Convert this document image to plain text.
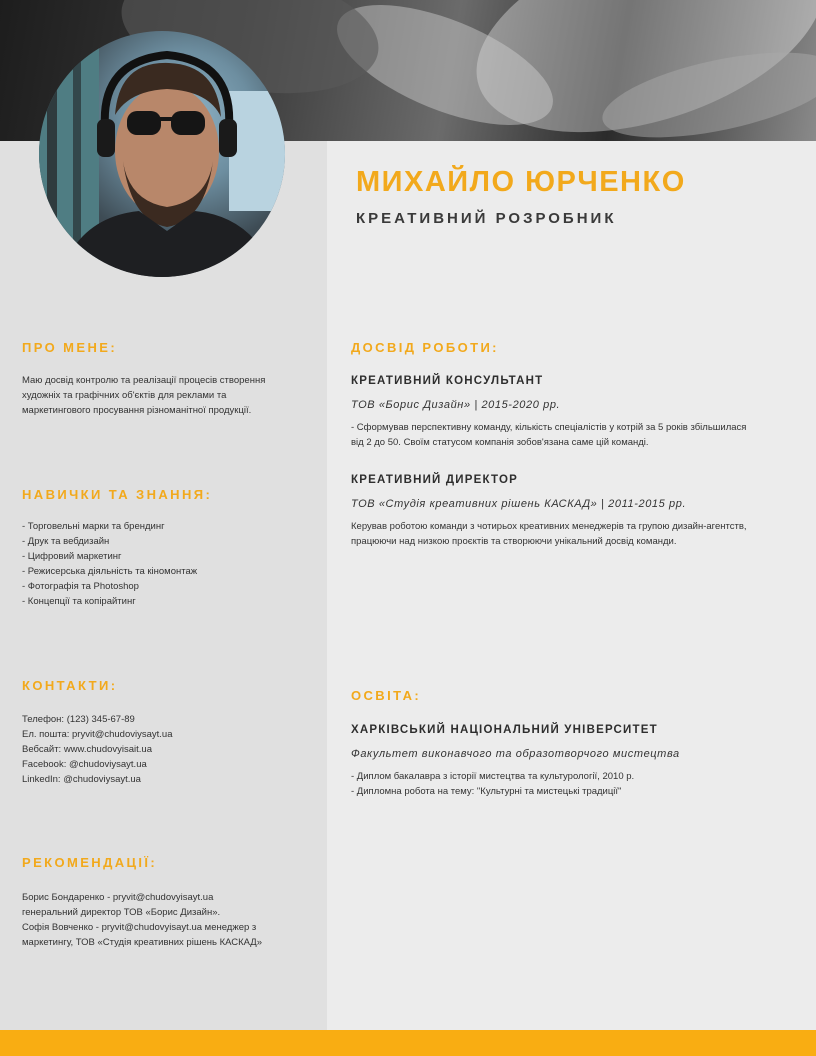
МИХАЙЛО ЮРЧЕНКО
КРЕАТИВНИЙ РОЗРОБНИК
ПРО МЕНЕ:
Маю досвід контролю та реалізації процесів створення
художніх та графічних об'єктів для реклами та
маркетингового просування різноманітної продукції.
НАВИЧКИ ТА ЗНАННЯ:
- Торговельні марки та брендинг
- Друк та вебдизайн
- Цифровий маркетинг
- Режисерська діяльність та кіномонтаж
- Фотографія та Photoshop
- Концепції та копірайтинг
КОНТАКТИ:
Телефон: (123) 345-67-89
Ел. пошта: pryvit@chudoviysayt.ua
Вебсайт: www.chudovyisait.ua
Facebook: @chudoviysayt.ua
LinkedIn: @chudoviysayt.ua
РЕКОМЕНДАЦІЇ:
Борис Бондаренко - pryvit@chudovyisayt.ua
генеральний директор ТОВ «Борис Дизайн».
Софія Вовченко - pryvit@chudovyisayt.ua менеджер з
маркетингу, ТОВ «Студія креативних рішень КАСКАД»
ДОСВІД РОБОТИ:
КРЕАТИВНИЙ КОНСУЛЬТАНТ
ТОВ «Борис Дизайн» | 2015-2020 рр.
- Сформував перспективну команду, кількість спеціалістів у котрій за 5 років збільшилася
від 2 до 50. Своїм статусом компанія зобов'язана саме цій команді.
КРЕАТИВНИЙ ДИРЕКТОР
ТОВ «Студія креативних рішень КАСКАД» | 2011-2015 рр.
Керував роботою команди з чотирьох креативних менеджерів та групою дизайн-агентств,
працюючи над низкою проєктів та створюючи унікальний досвід команди.
ОСВІТА:
ХАРКІВСЬКИЙ НАЦІОНАЛЬНИЙ УНІВЕРСИТЕТ
Факультет виконавчого та образотворчого мистецтва
- Диплом бакалавра з історії мистецтва та культурології, 2010 р.
- Дипломна робота на тему: "Культурні та мистецькі традиції"
